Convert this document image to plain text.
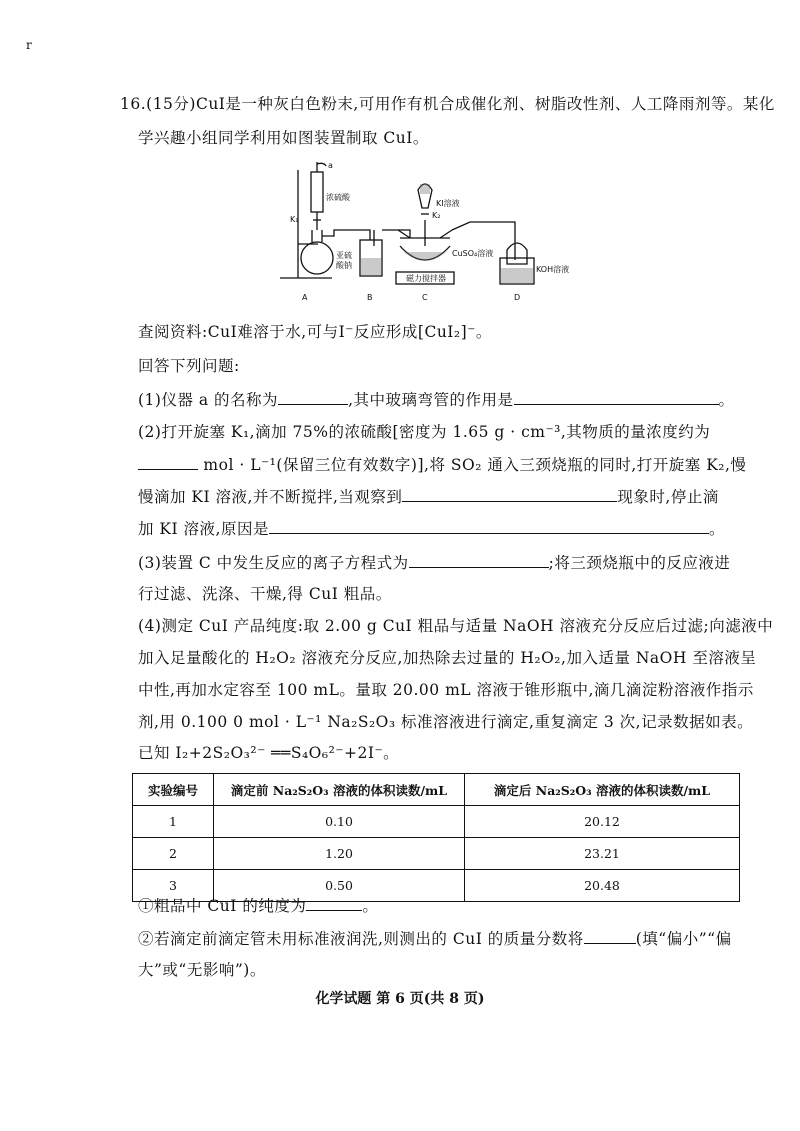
r
16.(15分)CuI是一种灰白色粉末,可用作有机合成催化剂、树脂改性剂、人工降雨剂等。某化
学兴趣小组同学利用如图装置制取 CuI。
a
浓硫酸
K₁
亚硫
酸钠
KI溶液
K₂
CuSO₄溶液
磁力搅拌器
KOH溶液
A	B	C	D
查阅资料:CuI难溶于水,可与I⁻反应形成[CuI₂]⁻。
回答下列问题:
(1)仪器 a 的名称为	,其中玻璃弯管的作用是	。
(2)打开旋塞 K₁,滴加 75%的浓硫酸[密度为 1.65 g · cm⁻³,其物质的量浓度约为
mol · L⁻¹(保留三位有效数字)],将 SO₂ 通入三颈烧瓶的同时,打开旋塞 K₂,慢
慢滴加 KI 溶液,并不断搅拌,当观察到	现象时,停止滴
加 KI 溶液,原因是	。
(3)装置 C 中发生反应的离子方程式为	;将三颈烧瓶中的反应液进
行过滤、洗涤、干燥,得 CuI 粗品。
(4)测定 CuI 产品纯度:取 2.00 g CuI 粗品与适量 NaOH 溶液充分反应后过滤;向滤液中
加入足量酸化的 H₂O₂ 溶液充分反应,加热除去过量的 H₂O₂,加入适量 NaOH 至溶液呈
中性,再加水定容至 100 mL。量取 20.00 mL 溶液于锥形瓶中,滴几滴淀粉溶液作指示
剂,用 0.100 0 mol · L⁻¹ Na₂S₂O₃ 标准溶液进行滴定,重复滴定 3 次,记录数据如表。
已知 I₂+2S₂O₃²⁻ ══S₄O₆²⁻+2I⁻。
实验编号	滴定前 Na₂S₂O₃ 溶液的体积读数/mL	滴定后 Na₂S₂O₃ 溶液的体积读数/mL
1	0.10	20.12
2	1.20	23.21
3	0.50	20.48
①粗品中 CuI 的纯度为	。
②若滴定前滴定管未用标准液润洗,则测出的 CuI 的质量分数将	(填“偏小”“偏
大”或“无影响”)。
化学试题 第 6 页(共 8 页)
